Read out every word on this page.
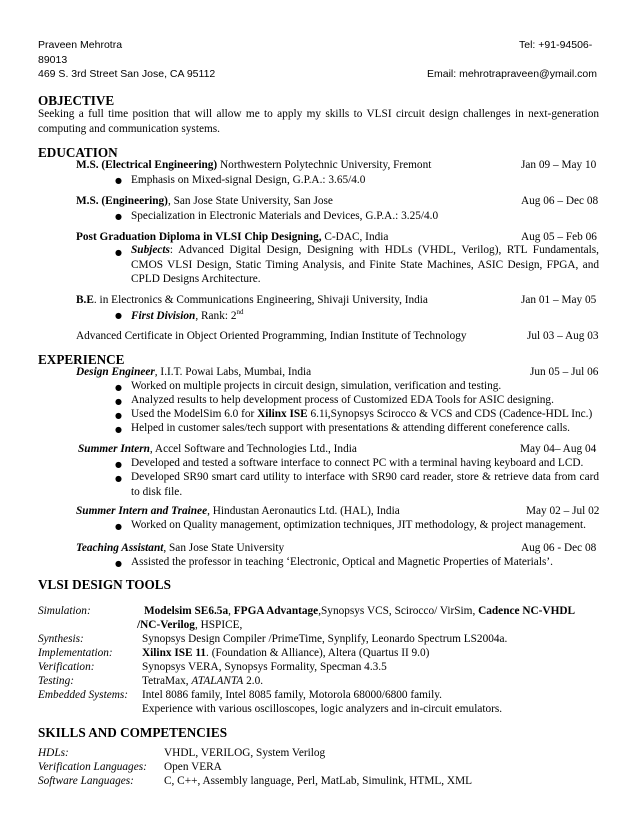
Praveen Mehrotra	Tel: +91-94506-
89013
469 S. 3rd Street San Jose, CA 95112	Email: mehrotrapraveen@ymail.com
OBJECTIVE
Seeking a full time position that will allow me to apply my skills to VLSI circuit design challenges in next-generation computing and communication systems.
EDUCATION
M.S. (Electrical Engineering) Northwestern Polytechnic University, Fremont	Jan 09 – May 10
● Emphasis on Mixed-signal Design, G.P.A.: 3.65/4.0
M.S. (Engineering), San Jose State University, San Jose	Aug 06 – Dec 08
● Specialization in Electronic Materials and Devices, G.P.A.: 3.25/4.0
Post Graduation Diploma in VLSI Chip Designing, C-DAC, India	Aug 05 – Feb 06
● Subjects: Advanced Digital Design, Designing with HDLs (VHDL, Verilog), RTL Fundamentals, CMOS VLSI Design, Static Timing Analysis, and Finite State Machines, ASIC Design, FPGA, and CPLD Designs Architecture.
B.E. in Electronics & Communications Engineering, Shivaji University, India	Jan 01 – May 05
● First Division, Rank: 2nd
Advanced Certificate in Object Oriented Programming, Indian Institute of Technology	Jul 03 – Aug 03
EXPERIENCE
Design Engineer, I.I.T. Powai Labs, Mumbai, India	Jun 05 – Jul 06
● Worked on multiple projects in circuit design, simulation, verification and testing.
● Analyzed results to help development process of Customized EDA Tools for ASIC designing.
● Used the ModelSim 6.0 for Xilinx ISE 6.1i,Synopsys Scirocco & VCS and CDS (Cadence-HDL Inc.)
● Helped in customer sales/tech support with presentations & attending different coneference calls.
Summer Intern, Accel Software and Technologies Ltd., India	May 04– Aug 04
● Developed and tested a software interface to connect PC with a terminal having keyboard and LCD.
● Developed SR90 smart card utility to interface with SR90 card reader, store & retrieve data from card to disk file.
Summer Intern and Trainee, Hindustan Aeronautics Ltd. (HAL), India	May 02 – Jul 02
● Worked on Quality management, optimization techniques, JIT methodology, & project management.
Teaching Assistant, San Jose State University	Aug 06 - Dec 08
● Assisted the professor in teaching ‘Electronic, Optical and Magnetic Properties of Materials’.
VLSI DESIGN TOOLS
Simulation:	Modelsim SE6.5a, FPGA Advantage,Synopsys VCS, Scirocco/ VirSim, Cadence NC-VHDL
/NC-Verilog, HSPICE,
Synthesis:	Synopsys Design Compiler /PrimeTime, Synplify, Leonardo Spectrum LS2004a.
Implementation:	Xilinx ISE 11. (Foundation & Alliance), Altera (Quartus II 9.0)
Verification:	Synopsys VERA, Synopsys Formality, Specman 4.3.5
Testing:	TetraMax, ATALANTA 2.0.
Embedded Systems: Intel 8086 family, Intel 8085 family, Motorola 68000/6800 family.
Experience with various oscilloscopes, logic analyzers and in-circuit emulators.
SKILLS AND COMPETENCIES
HDLs:	VHDL, VERILOG, System Verilog
Verification Languages: Open VERA
Software Languages:	C, C++, Assembly language, Perl, MatLab, Simulink, HTML, XML
